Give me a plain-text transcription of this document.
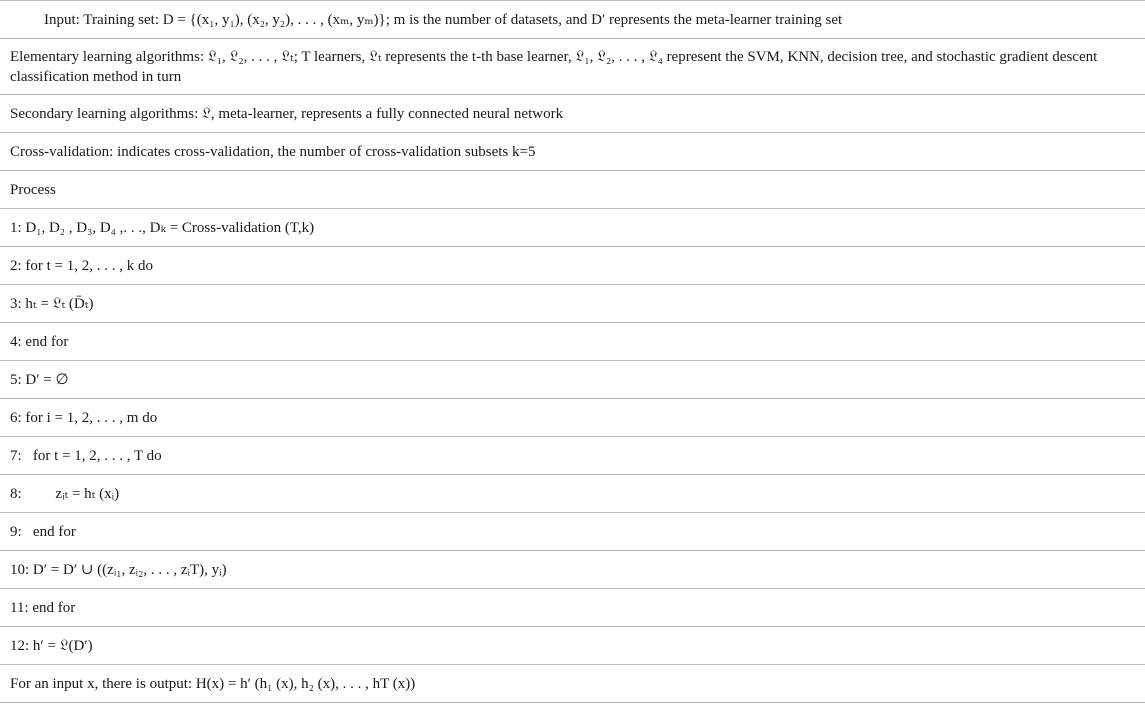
Input: Training set: D = {(x₁, y₁), (x₂, y₂), . . . , (xₘ, yₘ)}; m is the number of datasets, and D′ represents the meta-learner training set
Elementary learning algorithms: 𝔏₁, 𝔏₂, . . . , 𝔏ₜ; T learners, 𝔏ₜ represents the t-th base learner, 𝔏₁, 𝔏₂, . . . , 𝔏₄ represent the SVM, KNN, decision tree, and stochastic gradient descent classification method in turn
Secondary learning algorithms: 𝔏, meta-learner, represents a fully connected neural network
Cross-validation: indicates cross-validation, the number of cross-validation subsets k=5
Process
1: D₁, D₂ , D₃, D₄ ,. . ., Dₖ = Cross-validation (T,k)
2: for t = 1, 2, . . . , k do
3: hₜ = 𝔏ₜ (D̄ₜ)
4: end for
5: D′ = ∅
6: for i = 1, 2, . . . , m do
7:   for t = 1, 2, . . . , T do
8:         zᵢₜ = hₜ (xᵢ)
9:   end for
10: D′ = D′ ∪ ((zᵢ₁, zᵢ₂, . . . , zᵢT), yᵢ)
11: end for
12: h′ = 𝔏(D′)
For an input x, there is output: H(x) = h′ (h₁ (x), h₂ (x), . . . , hT (x))
